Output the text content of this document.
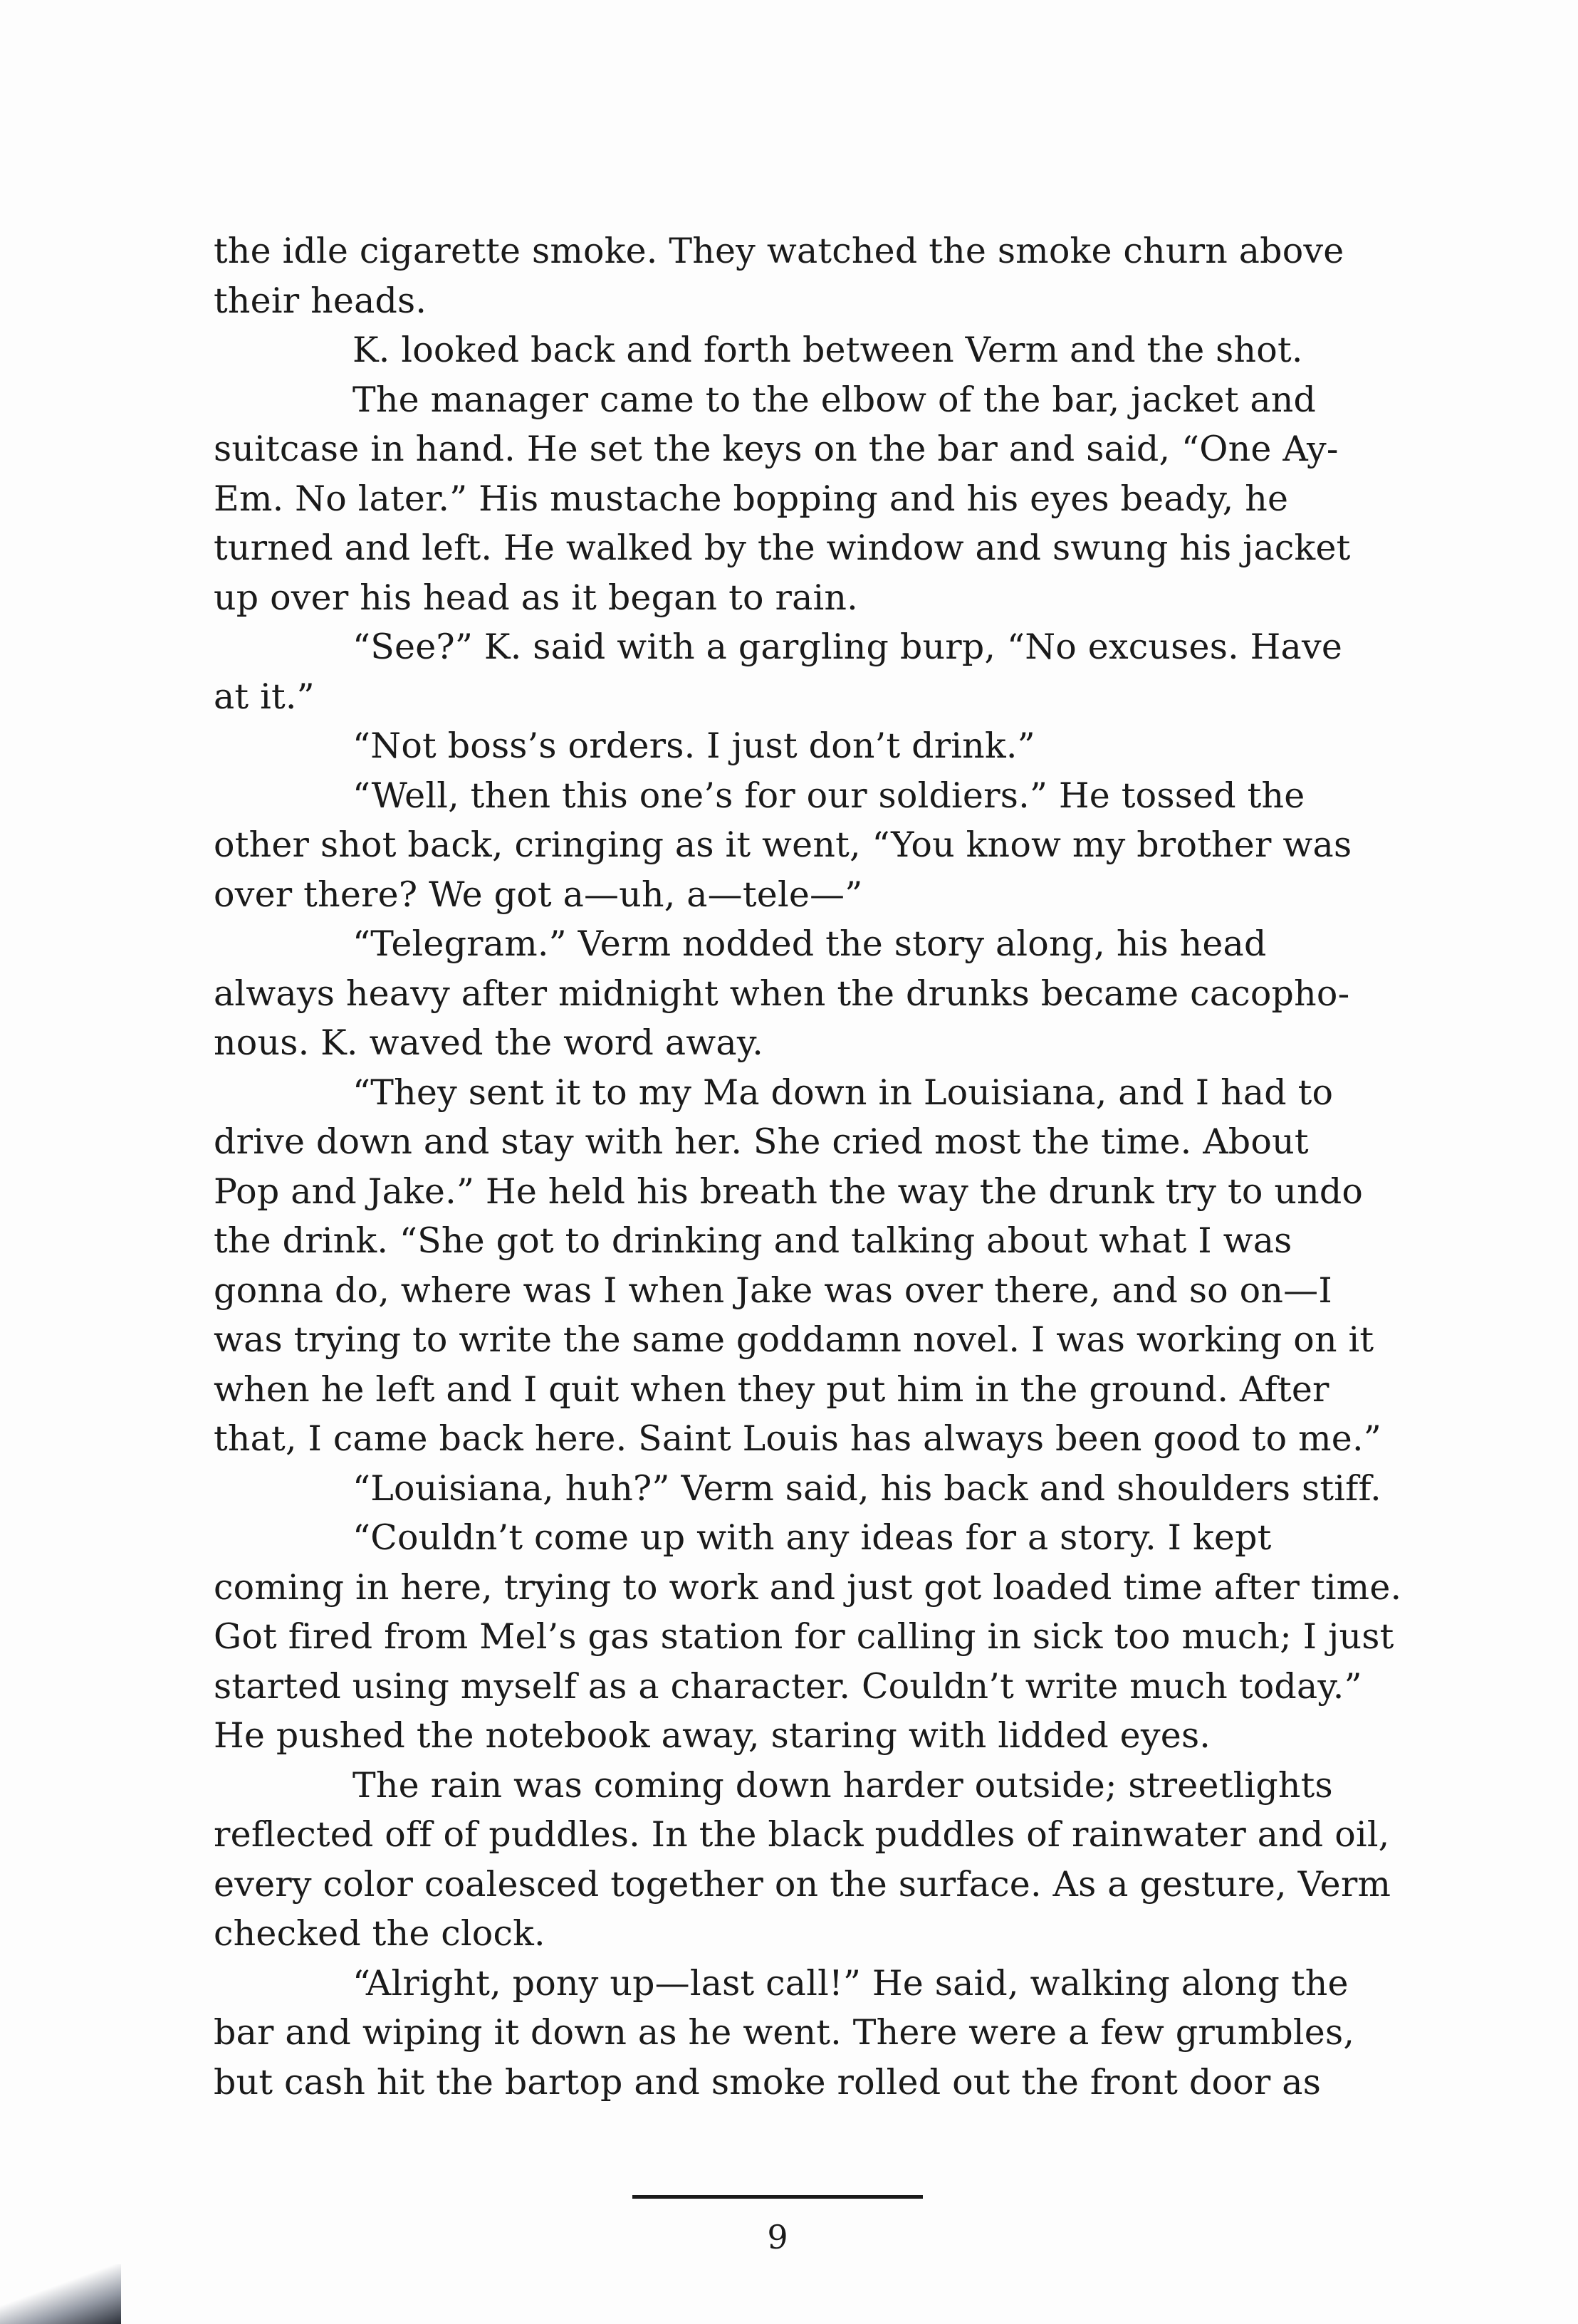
the idle cigarette smoke. They watched the smoke churn above
their heads.
K. looked back and forth between Verm and the shot.
The manager came to the elbow of the bar, jacket and
suitcase in hand. He set the keys on the bar and said, “One Ay-
Em. No later.” His mustache bopping and his eyes beady, he
turned and left. He walked by the window and swung his jacket
up over his head as it began to rain.
“See?” K. said with a gargling burp, “No excuses. Have
at it.”
“Not boss’s orders. I just don’t drink.”
“Well, then this one’s for our soldiers.” He tossed the
other shot back, cringing as it went, “You know my brother was
over there? We got a—uh, a—tele—”
“Telegram.” Verm nodded the story along, his head
always heavy after midnight when the drunks became cacopho-
nous. K. waved the word away.
“They sent it to my Ma down in Louisiana, and I had to
drive down and stay with her. She cried most the time. About
Pop and Jake.” He held his breath the way the drunk try to undo
the drink. “She got to drinking and talking about what I was
gonna do, where was I when Jake was over there, and so on—I
was trying to write the same goddamn novel. I was working on it
when he left and I quit when they put him in the ground. After
that, I came back here. Saint Louis has always been good to me.”
“Louisiana, huh?” Verm said, his back and shoulders stiff.
“Couldn’t come up with any ideas for a story. I kept
coming in here, trying to work and just got loaded time after time.
Got fired from Mel’s gas station for calling in sick too much; I just
started using myself as a character. Couldn’t write much today.”
He pushed the notebook away, staring with lidded eyes.
The rain was coming down harder outside; streetlights
reflected off of puddles. In the black puddles of rainwater and oil,
every color coalesced together on the surface. As a gesture, Verm
checked the clock.
“Alright, pony up—last call!” He said, walking along the
bar and wiping it down as he went. There were a few grumbles,
but cash hit the bartop and smoke rolled out the front door as
9
